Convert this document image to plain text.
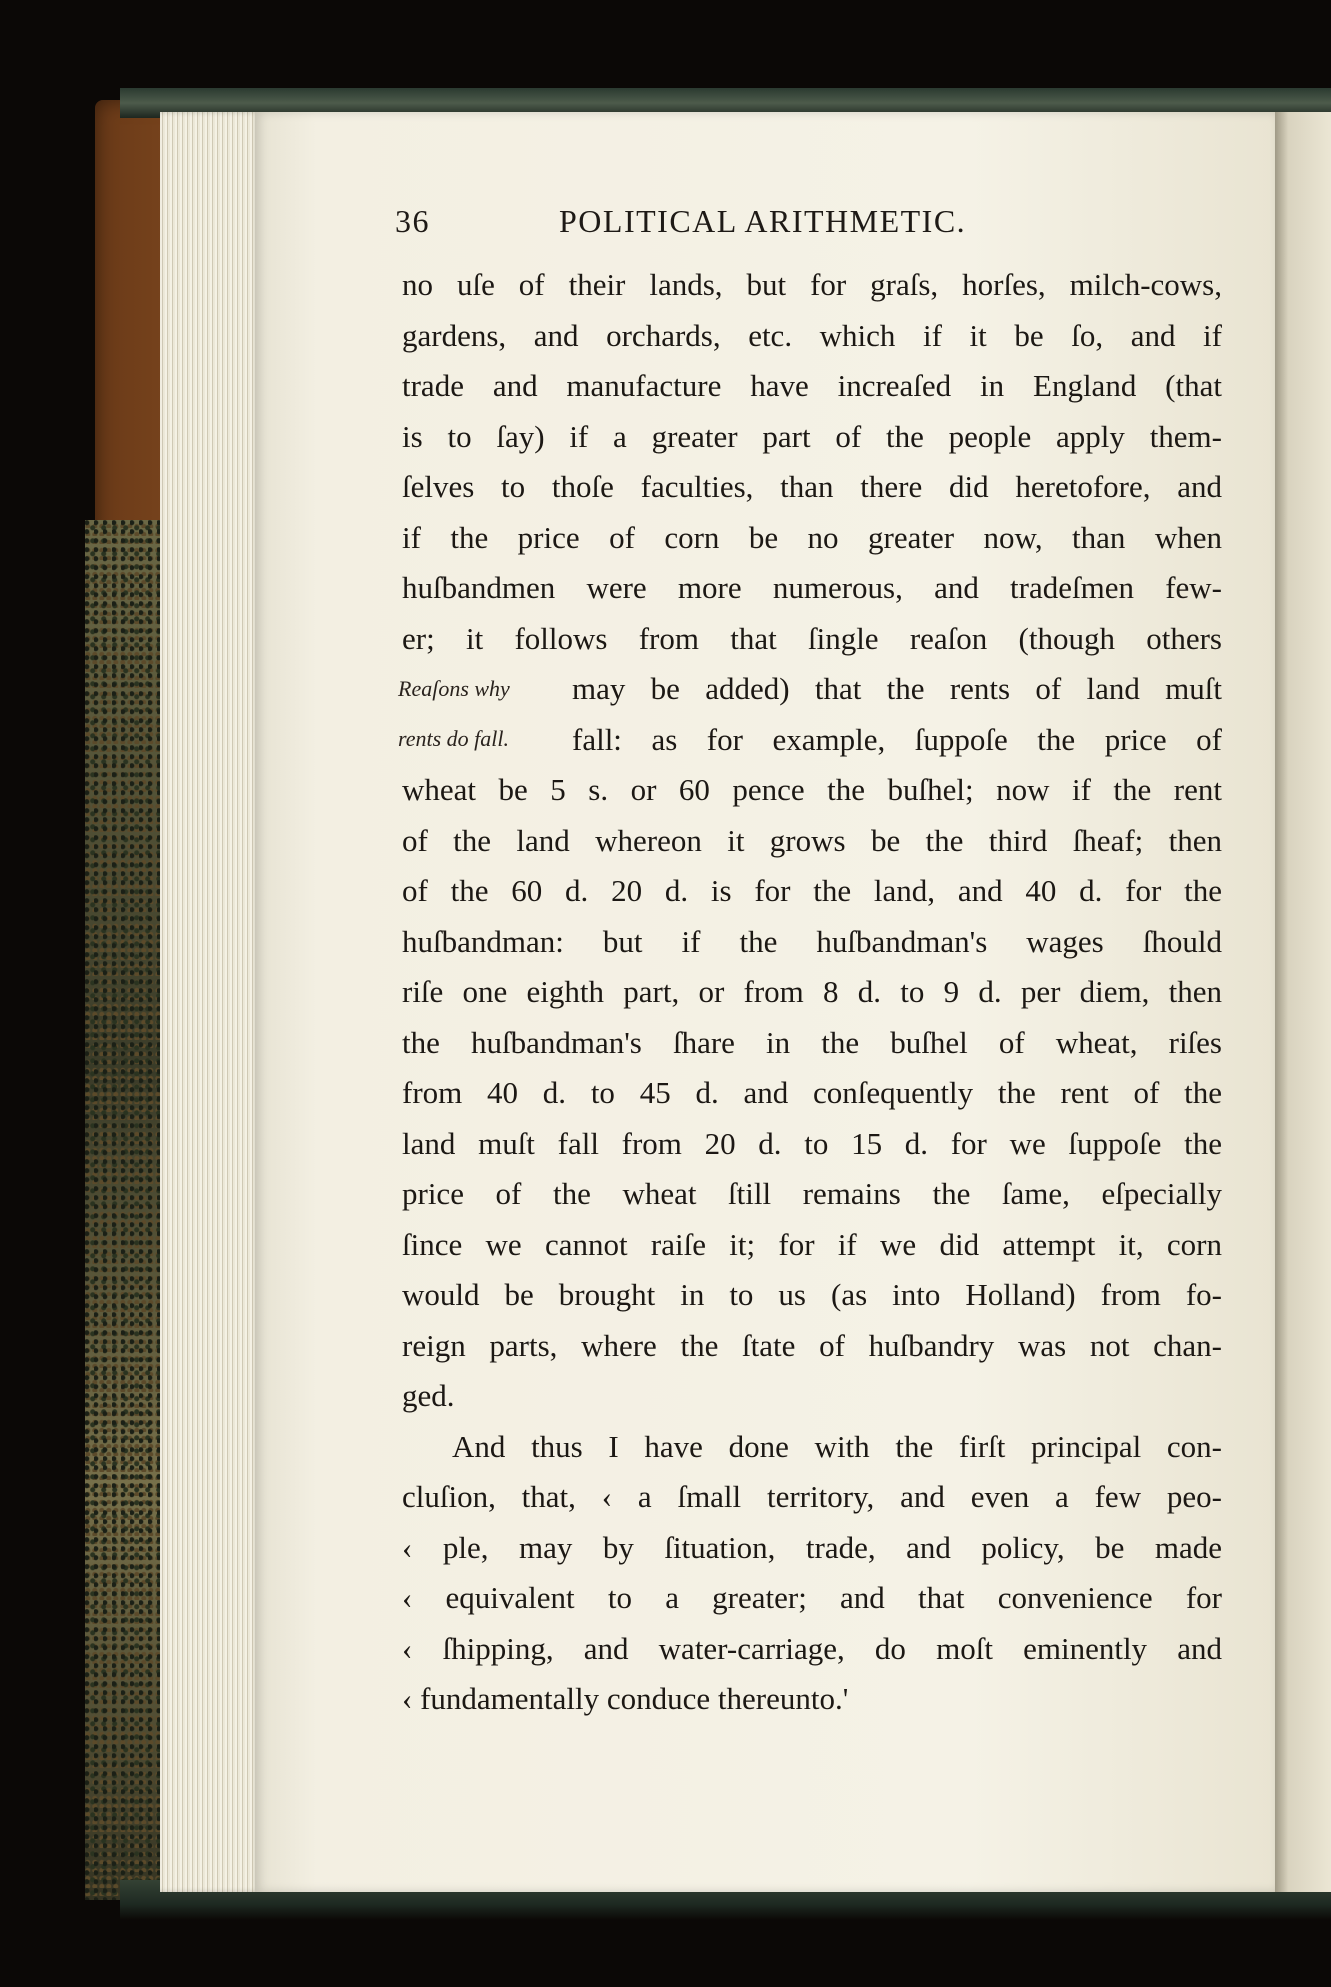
36	POLITICAL ARITHMETIC.
Reaſons why
rents do fall.
no uſe of their lands, but for graſs, horſes, milch-cows,
gardens, and orchards, etc. which if it be ſo, and if
trade and manufacture have increaſed in England (that
is to ſay) if a greater part of the people apply them-
ſelves to thoſe faculties, than there did heretofore, and
if the price of corn be no greater now, than when
huſbandmen were more numerous, and tradeſmen few-
er; it follows from that ſingle reaſon (though others
may be added) that the rents of land muſt
fall: as for example, ſuppoſe the price of
wheat be 5 s. or 60 pence the buſhel; now if the rent
of the land whereon it grows be the third ſheaf; then
of the 60 d. 20 d. is for the land, and 40 d. for the
huſbandman: but if the huſbandman's wages ſhould
riſe one eighth part, or from 8 d. to 9 d. per diem, then
the huſbandman's ſhare in the buſhel of wheat, riſes
from 40 d. to 45 d. and conſequently the rent of the
land muſt fall from 20 d. to 15 d. for we ſuppoſe the
price of the wheat ſtill remains the ſame, eſpecially
ſince we cannot raiſe it; for if we did attempt it, corn
would be brought in to us (as into Holland) from fo-
reign parts, where the ſtate of huſbandry was not chan-
ged.
And thus I have done with the firſt principal con-
cluſion, that, ‹ a ſmall territory, and even a few peo-
‹ ple, may by ſituation, trade, and policy, be made
‹ equivalent to a greater; and that convenience for
‹ ſhipping, and water-carriage, do moſt eminently and
‹ fundamentally conduce thereunto.'
